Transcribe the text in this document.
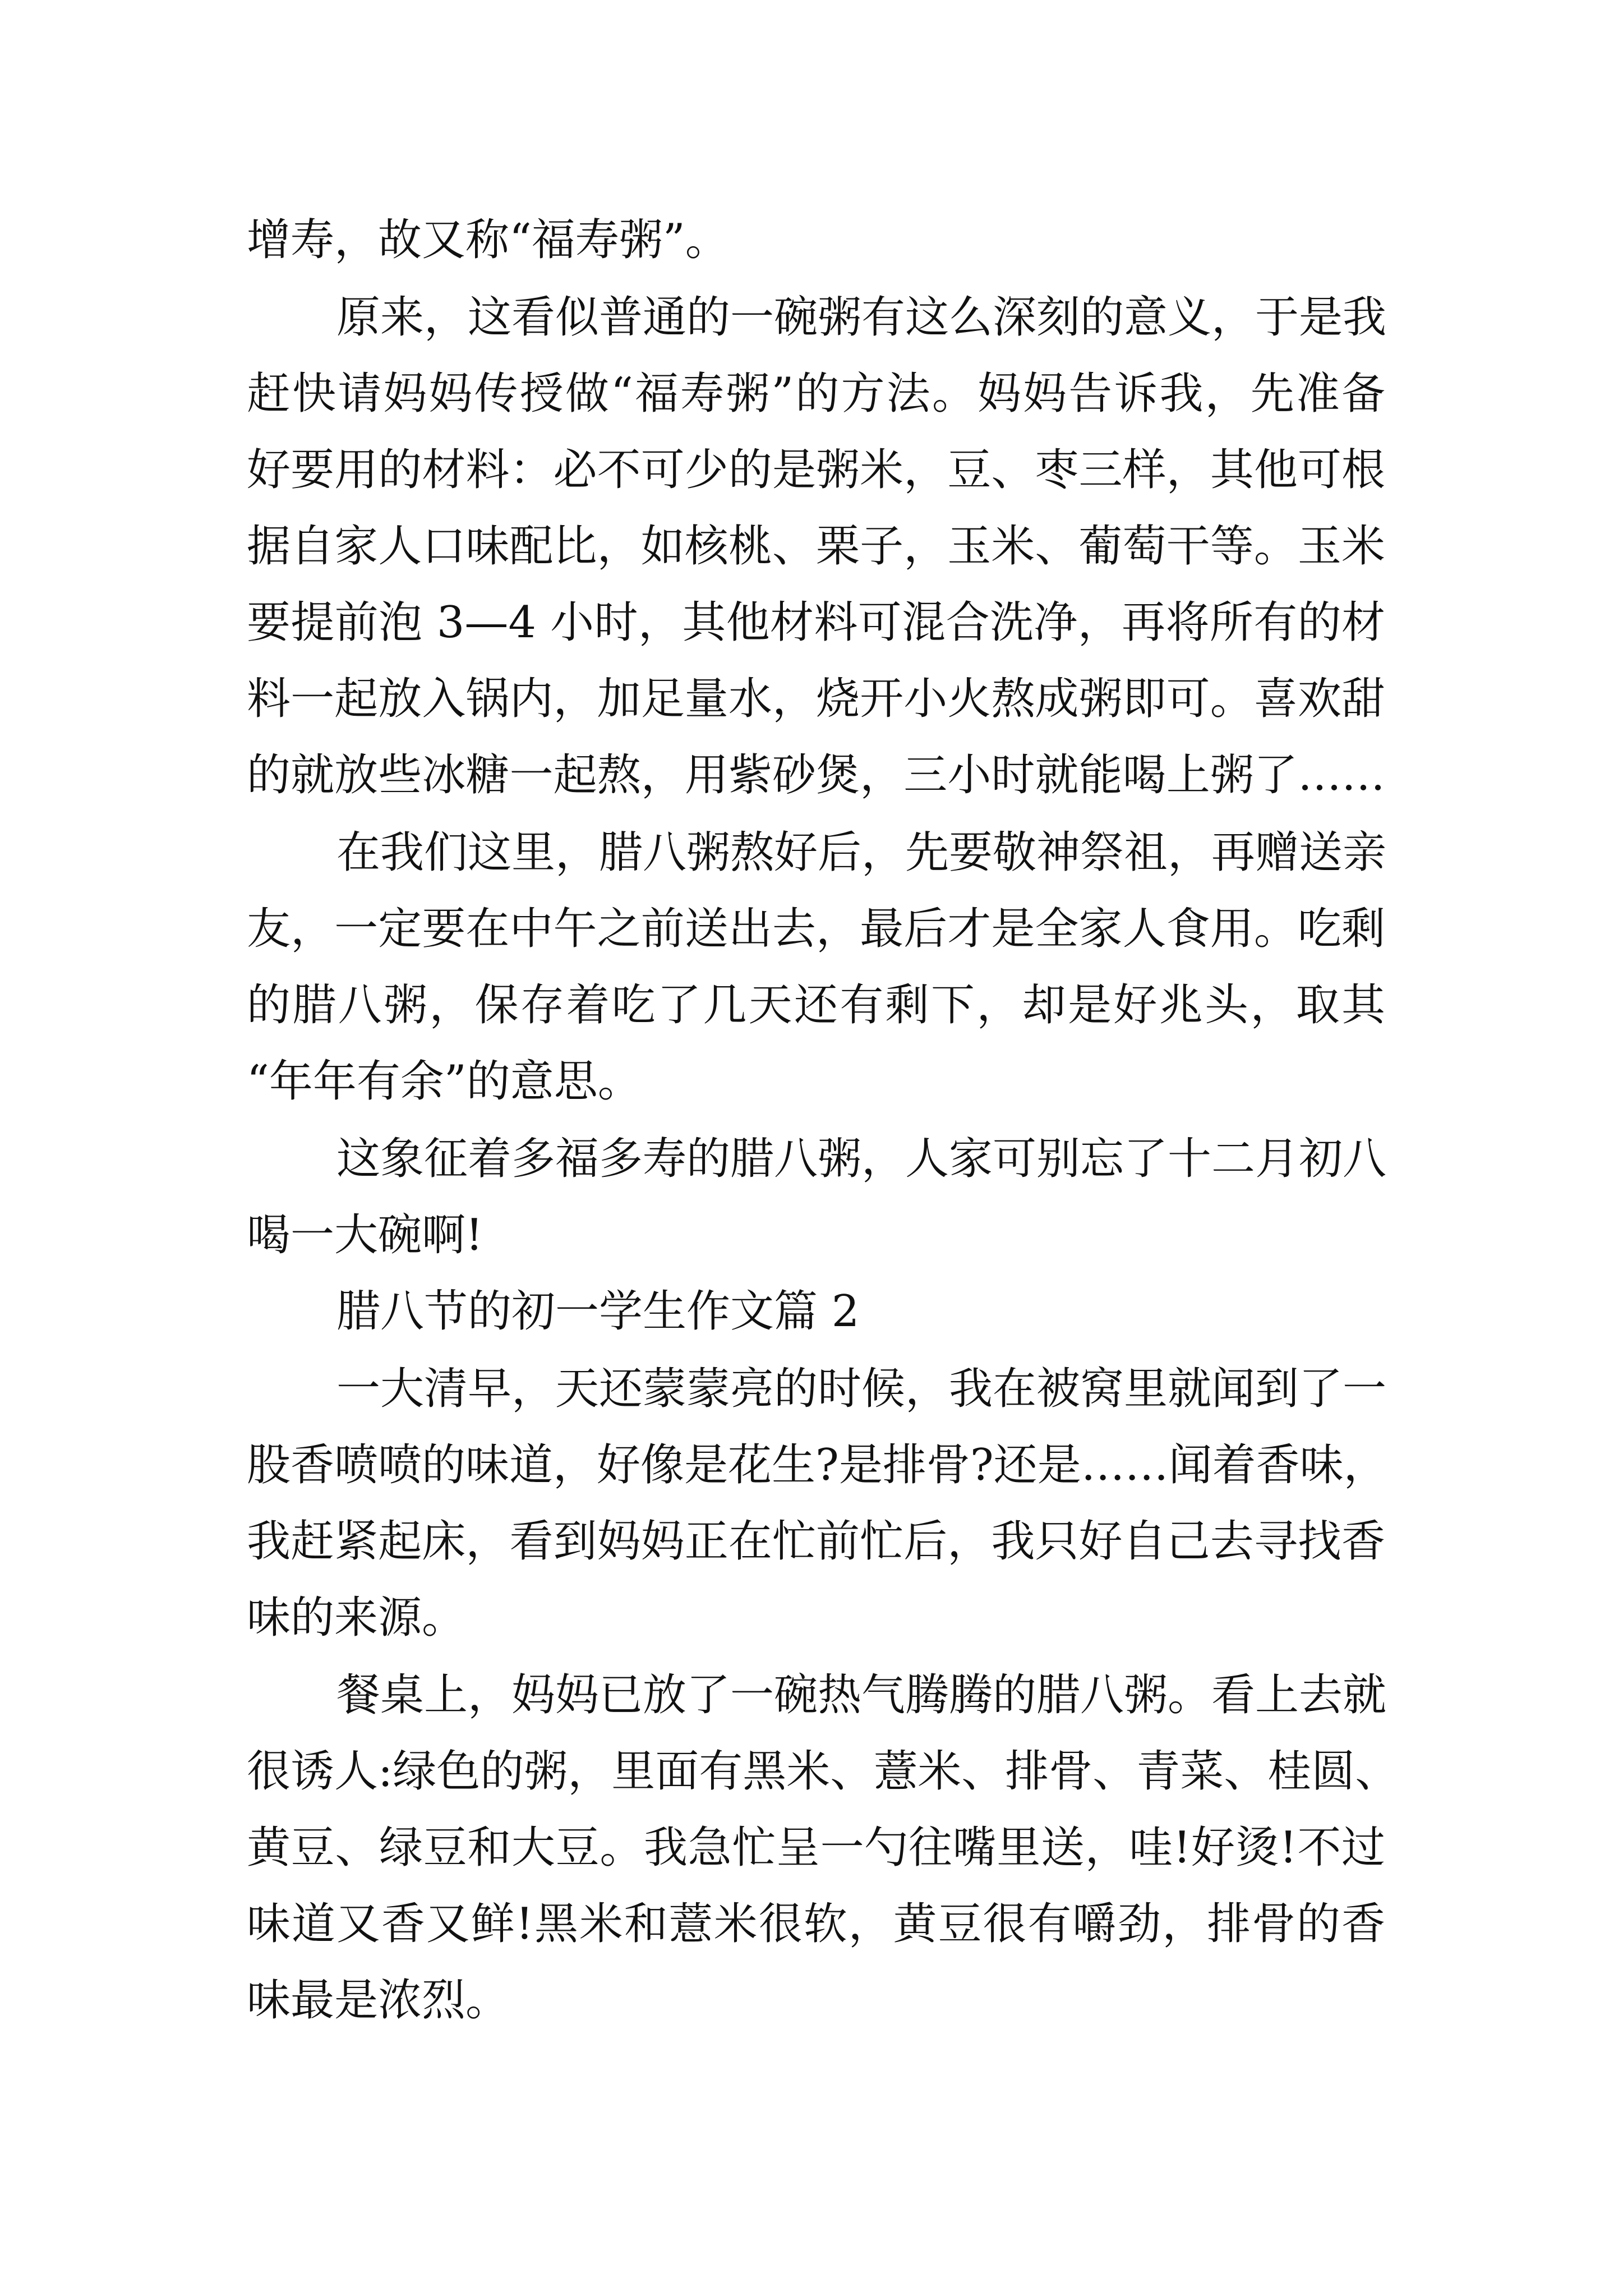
增寿，故又称“福寿粥”。
原来，这看似普通的一碗粥有这么深刻的意义，于是我
赶快请妈妈传授做“福寿粥”的方法。妈妈告诉我，先准备
好要用的材料：必不可少的是粥米，豆、枣三样，其他可根
据自家人口味配比，如核桃、栗子，玉米、葡萄干等。玉米
要提前泡 3—4 小时，其他材料可混合洗净，再将所有的材
料一起放入锅内，加足量水，烧开小火熬成粥即可。喜欢甜
的就放些冰糖一起熬，用紫砂煲，三小时就能喝上粥了……
在我们这里，腊八粥熬好后，先要敬神祭祖，再赠送亲
友，一定要在中午之前送出去，最后才是全家人食用。吃剩
的腊八粥，保存着吃了几天还有剩下，却是好兆头，取其
“年年有余”的意思。
这象征着多福多寿的腊八粥，人家可别忘了十二月初八
喝一大碗啊!
腊八节的初一学生作文篇 2
一大清早，天还蒙蒙亮的时候，我在被窝里就闻到了一
股香喷喷的味道，好像是花生?是排骨?还是……闻着香味，
我赶紧起床，看到妈妈正在忙前忙后，我只好自己去寻找香
味的来源。
餐桌上，妈妈已放了一碗热气腾腾的腊八粥。看上去就
很诱人:绿色的粥，里面有黑米、薏米、排骨、青菜、桂圆、
黄豆、绿豆和大豆。我急忙呈一勺往嘴里送，哇!好烫!不过
味道又香又鲜!黑米和薏米很软，黄豆很有嚼劲，排骨的香
味最是浓烈。
